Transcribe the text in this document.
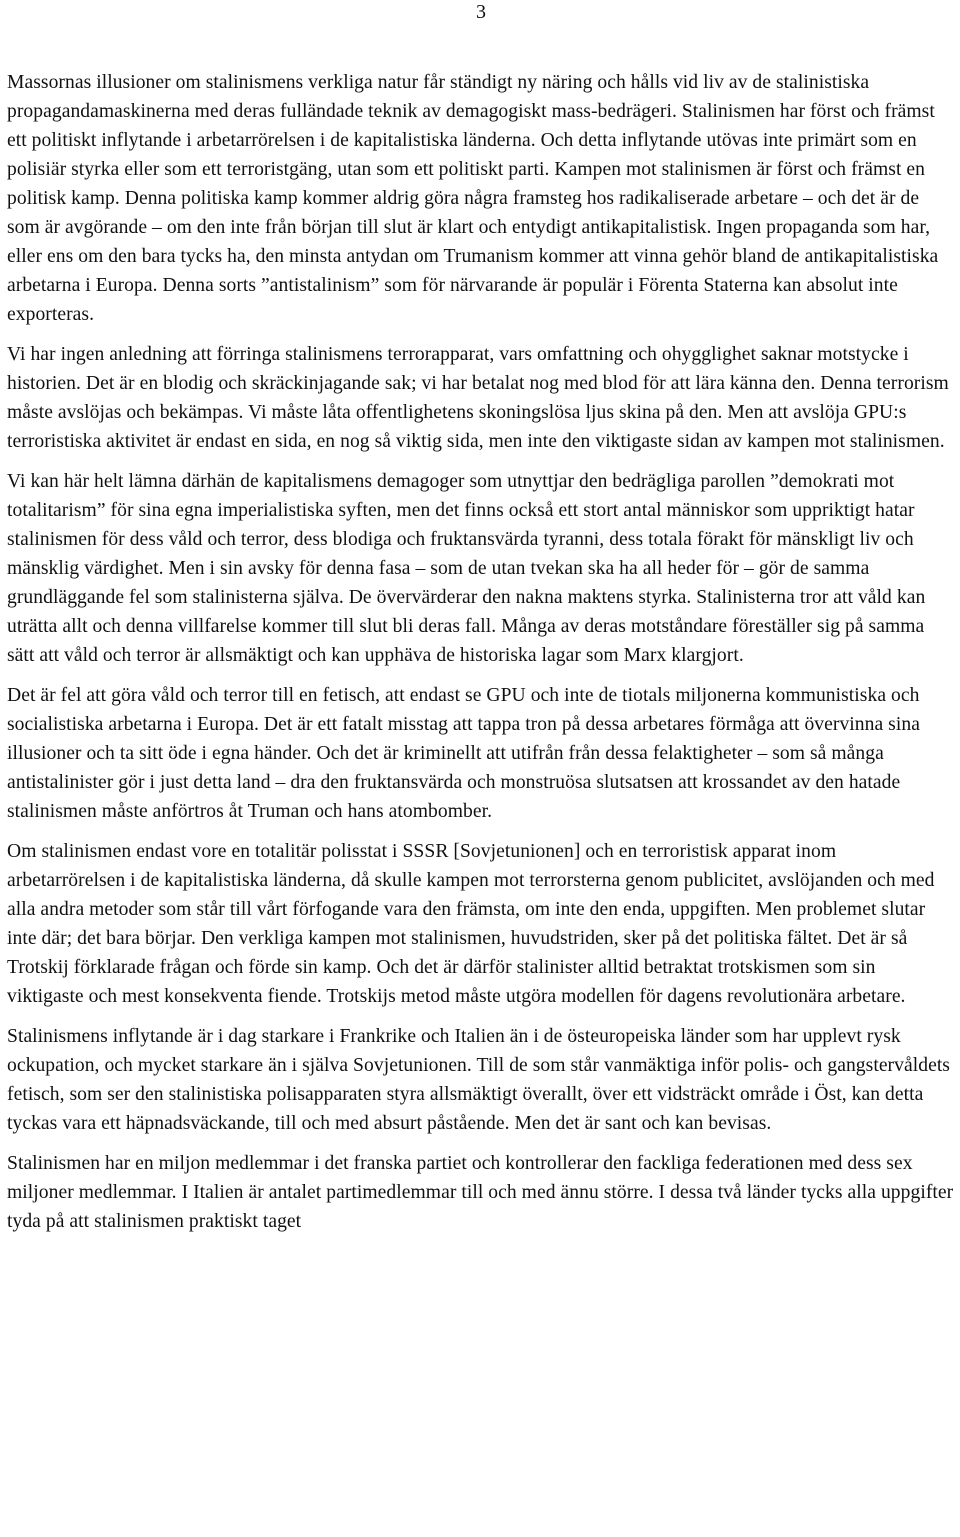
3

Massornas illusioner om stalinismens verkliga natur får ständigt ny näring och hålls vid liv av de stalinistiska propagandamaskinerna med deras fulländade teknik av demagogiskt mass-bedrägeri. Stalinismen har först och främst ett politiskt inflytande i arbetarrörelsen i de kapitalistiska länderna. Och detta inflytande utövas inte primärt som en polisiär styrka eller som ett terroristgäng, utan som ett politiskt parti. Kampen mot stalinismen är först och främst en politisk kamp. Denna politiska kamp kommer aldrig göra några framsteg hos radikaliserade arbetare – och det är de som är avgörande – om den inte från början till slut är klart och entydigt antikapitalistisk. Ingen propaganda som har, eller ens om den bara tycks ha, den minsta antydan om Trumanism kommer att vinna gehör bland de antikapitalistiska arbetarna i Europa. Denna sorts ”antistalinism” som för närvarande är populär i Förenta Staterna kan absolut inte exporteras.

Vi har ingen anledning att förringa stalinismens terrorapparat, vars omfattning och ohygglighet saknar motstycke i historien. Det är en blodig och skräckinjagande sak; vi har betalat nog med blod för att lära känna den. Denna terrorism måste avslöjas och bekämpas. Vi måste låta offentlighetens skoningslösa ljus skina på den. Men att avslöja GPU:s terroristiska aktivitet är endast en sida, en nog så viktig sida, men inte den viktigaste sidan av kampen mot stalinismen.

Vi kan här helt lämna därhän de kapitalismens demagoger som utnyttjar den bedrägliga parollen ”demokrati mot totalitarism” för sina egna imperialistiska syften, men det finns också ett stort antal människor som uppriktigt hatar stalinismen för dess våld och terror, dess blodiga och fruktansvärda tyranni, dess totala förakt för mänskligt liv och mänsklig värdighet. Men i sin avsky för denna fasa – som de utan tvekan ska ha all heder för – gör de samma grundläggande fel som stalinisterna själva. De övervärderar den nakna maktens styrka. Stalinisterna tror att våld kan uträtta allt och denna villfarelse kommer till slut bli deras fall. Många av deras motståndare föreställer sig på samma sätt att våld och terror är allsmäktigt och kan upphäva de historiska lagar som Marx klargjort.

Det är fel att göra våld och terror till en fetisch, att endast se GPU och inte de tiotals miljonerna kommunistiska och socialistiska arbetarna i Europa. Det är ett fatalt misstag att tappa tron på dessa arbetares förmåga att övervinna sina illusioner och ta sitt öde i egna händer. Och det är kriminellt att utifrån från dessa felaktigheter – som så många antistalinister gör i just detta land – dra den fruktansvärda och monstruösa slutsatsen att krossandet av den hatade stalinismen måste anförtros åt Truman och hans atombomber.

Om stalinismen endast vore en totalitär polisstat i SSSR [Sovjetunionen] och en terroristisk apparat inom arbetarrörelsen i de kapitalistiska länderna, då skulle kampen mot terrorsterna genom publicitet, avslöjanden och med alla andra metoder som står till vårt förfogande vara den främsta, om inte den enda, uppgiften. Men problemet slutar inte där; det bara börjar. Den verkliga kampen mot stalinismen, huvudstriden, sker på det politiska fältet. Det är så Trotskij förklarade frågan och förde sin kamp. Och det är därför stalinister alltid betraktat trotskismen som sin viktigaste och mest konsekventa fiende. Trotskijs metod måste utgöra modellen för dagens revolutionära arbetare.

Stalinismens inflytande är i dag starkare i Frankrike och Italien än i de östeuropeiska länder som har upplevt rysk ockupation, och mycket starkare än i själva Sovjetunionen. Till de som står vanmäktiga inför polis- och gangstervåldets fetisch, som ser den stalinistiska polisapparaten styra allsmäktigt överallt, över ett vidsträckt område i Öst, kan detta tyckas vara ett häpnadsväckande, till och med absurt påstående. Men det är sant och kan bevisas.

Stalinismen har en miljon medlemmar i det franska partiet och kontrollerar den fackliga federationen med dess sex miljoner medlemmar. I Italien är antalet partimedlemmar till och med ännu större. I dessa två länder tycks alla uppgifter tyda på att stalinismen praktiskt taget
